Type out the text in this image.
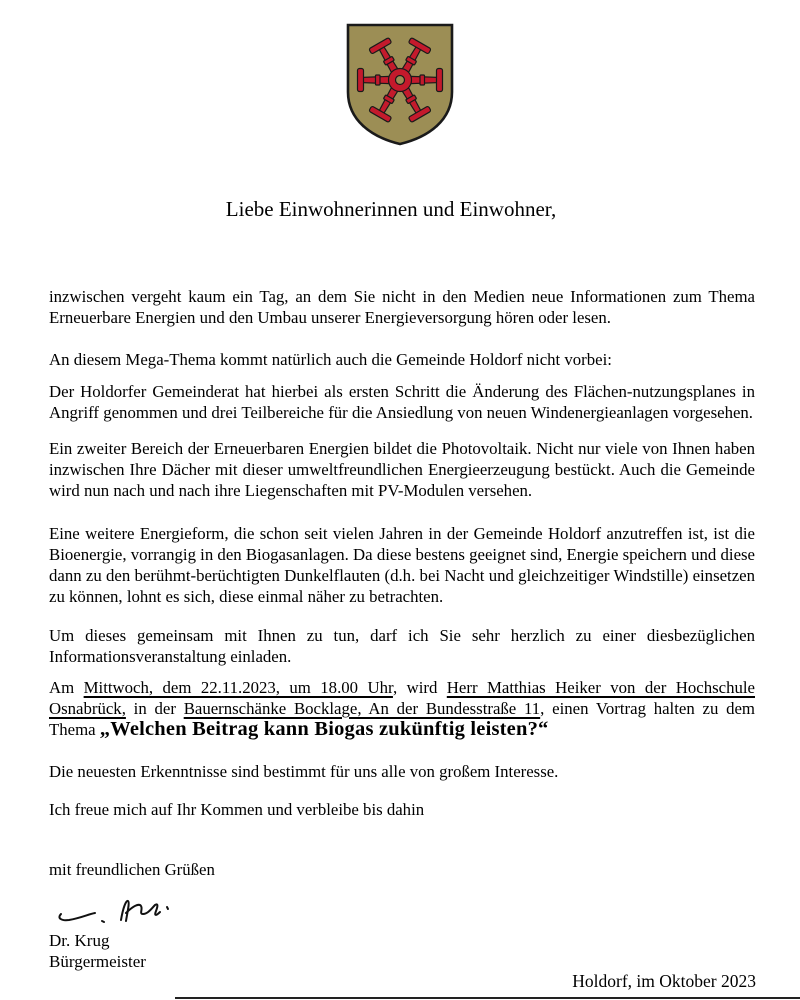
Liebe Einwohnerinnen und Einwohner,

inzwischen vergeht kaum ein Tag, an dem Sie nicht in den Medien neue Informationen zum Thema Erneuerbare Energien und den Umbau unserer Energieversorgung hören oder lesen.

An diesem Mega-Thema kommt natürlich auch die Gemeinde Holdorf nicht vorbei:

Der Holdorfer Gemeinderat hat hierbei als ersten Schritt die Änderung des Flächen-nutzungsplanes in Angriff genommen und drei Teilbereiche für die Ansiedlung von neuen Windenergieanlagen vorgesehen.

Ein zweiter Bereich der Erneuerbaren Energien bildet die Photovoltaik. Nicht nur viele von Ihnen haben inzwischen Ihre Dächer mit dieser umweltfreundlichen Energieerzeugung bestückt. Auch die Gemeinde wird nun nach und nach ihre Liegenschaften mit PV-Modulen versehen.

Eine weitere Energieform, die schon seit vielen Jahren in der Gemeinde Holdorf anzutreffen ist, ist die Bioenergie, vorrangig in den Biogasanlagen. Da diese bestens geeignet sind, Energie speichern und diese dann zu den berühmt-berüchtigten Dunkelflauten (d.h. bei Nacht und gleichzeitiger Windstille) einsetzen zu können, lohnt es sich, diese einmal näher zu betrachten.

Um dieses gemeinsam mit Ihnen zu tun, darf ich Sie sehr herzlich zu einer diesbezüglichen Informationsveranstaltung einladen.

Am Mittwoch, dem 22.11.2023, um 18.00 Uhr, wird Herr Matthias Heiker von der Hochschule Osnabrück, in der Bauernschänke Bocklage, An der Bundesstraße 11, einen Vortrag halten zu dem Thema „Welchen Beitrag kann Biogas zukünftig leisten?“

Die neuesten Erkenntnisse sind bestimmt für uns alle von großem Interesse.

Ich freue mich auf Ihr Kommen und verbleibe bis dahin

mit freundlichen Grüßen

Dr. Krug

Bürgermeister

Holdorf, im Oktober 2023
